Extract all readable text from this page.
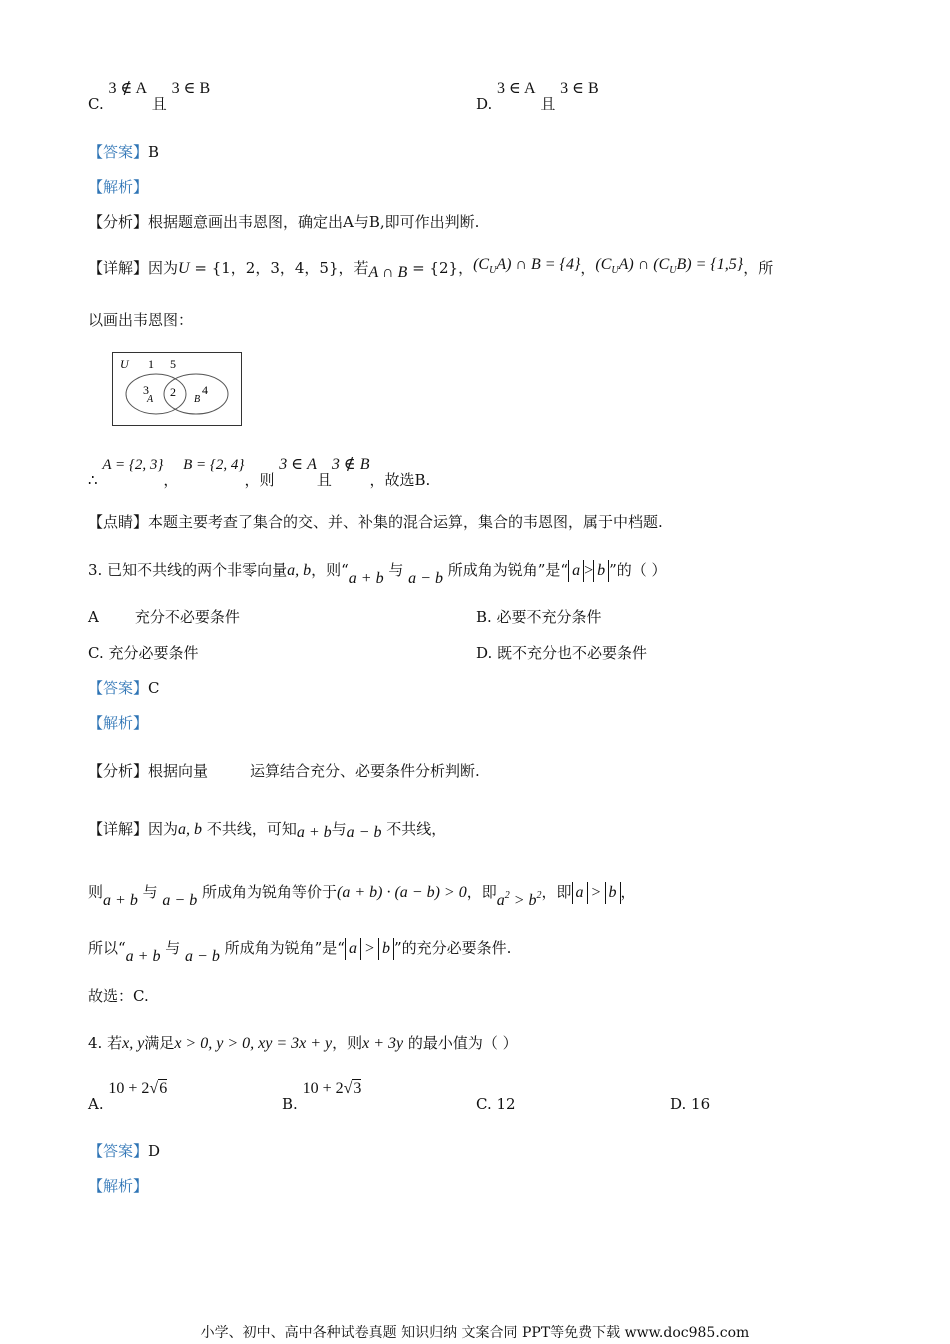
C. 3 ∉ A 且 3 ∈ B
D. 3 ∈ A 且 3 ∈ B
【答案】B
【解析】
【分析】根据题意画出韦恩图，确定出A与B,即可作出判断.
【详解】因为U = {1，2，3，4，5}，若A ∩ B = {2}，$(C_UA)$ ∩ B = {4}，$(C_UA)$ ∩ $(C_UB) = \{1,5\}$，所
以画出韦恩图：
U 1 5
3
A
2
B
4
∴ A = {2, 3}， B = {2, 4}，则 3 ∈ A且3 ∉ B，故选B.
【点睛】本题主要考查了集合的交、并、补集的混合运算，集合的韦恩图，属于中档题.
3. 已知不共线的两个非零向量a, b，则“a + b 与 a − b 所成角为锐角”是“ a > b ”的（ ）
A 充分不必要条件	B. 必要不充分条件
C. 充分必要条件	D. 既不充分也不必要条件
【答案】C
【解析】
【分析】根据向量	运算结合充分、必要条件分析判断.
【详解】因为a, b 不共线，可知a + b与a − b 不共线，
则a + b 与 a − b 所成角为锐角等价于(a + b) · (a − b) > 0，即$a^2 > b^2$，即 a > b ，
所以“a + b 与 a − b 所成角为锐角”是“ a > b ”的充分必要条件.
故选：C.
4. 若x, y满足x > 0, y > 0, xy = 3x + y，则x + 3y 的最小值为（ ）
A. 10 + 2√6
B. 10 + 2√3
C. 12	D. 16
【答案】D
【解析】
小学、初中、高中各种试卷真题 知识归纳 文案合同 PPT等免费下载 www.doc985.com
